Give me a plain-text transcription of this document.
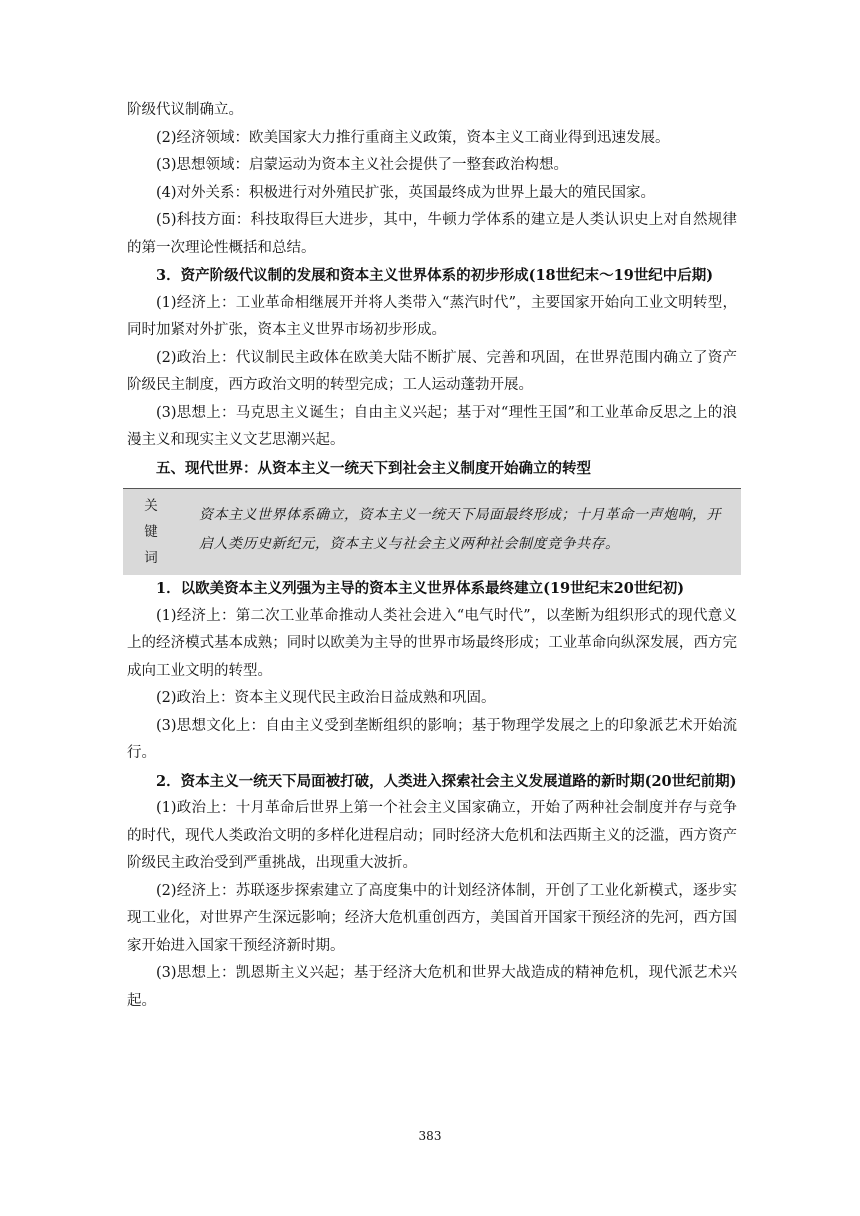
阶级代议制确立。

(2)经济领域：欧美国家大力推行重商主义政策，资本主义工商业得到迅速发展。

(3)思想领域：启蒙运动为资本主义社会提供了一整套政治构想。

(4)对外关系：积极进行对外殖民扩张，英国最终成为世界上最大的殖民国家。

(5)科技方面：科技取得巨大进步，其中，牛顿力学体系的建立是人类认识史上对自然规律的第一次理论性概括和总结。

3．资产阶级代议制的发展和资本主义世界体系的初步形成(18世纪末～19世纪中后期)

(1)经济上：工业革命相继展开并将人类带入“蒸汽时代”，主要国家开始向工业文明转型，同时加紧对外扩张，资本主义世界市场初步形成。

(2)政治上：代议制民主政体在欧美大陆不断扩展、完善和巩固，在世界范围内确立了资产阶级民主制度，西方政治文明的转型完成；工人运动蓬勃开展。

(3)思想上：马克思主义诞生；自由主义兴起；基于对“理性王国”和工业革命反思之上的浪漫主义和现实主义文艺思潮兴起。

五、现代世界：从资本主义一统天下到社会主义制度开始确立的转型

关
键
词
资本主义世界体系确立，资本主义一统天下局面最终形成；十月革命一声炮响，开启人类历史新纪元，资本主义与社会主义两种社会制度竞争共存。

1．以欧美资本主义列强为主导的资本主义世界体系最终建立(19世纪末20世纪初)

(1)经济上：第二次工业革命推动人类社会进入“电气时代”，以垄断为组织形式的现代意义上的经济模式基本成熟；同时以欧美为主导的世界市场最终形成；工业革命向纵深发展，西方完成向工业文明的转型。

(2)政治上：资本主义现代民主政治日益成熟和巩固。

(3)思想文化上：自由主义受到垄断组织的影响；基于物理学发展之上的印象派艺术开始流行。

2．资本主义一统天下局面被打破，人类进入探索社会主义发展道路的新时期(20世纪前期)

(1)政治上：十月革命后世界上第一个社会主义国家确立，开始了两种社会制度并存与竞争的时代，现代人类政治文明的多样化进程启动；同时经济大危机和法西斯主义的泛滥，西方资产阶级民主政治受到严重挑战，出现重大波折。

(2)经济上：苏联逐步探索建立了高度集中的计划经济体制，开创了工业化新模式，逐步实现工业化，对世界产生深远影响；经济大危机重创西方，美国首开国家干预经济的先河，西方国家开始进入国家干预经济新时期。

(3)思想上：凯恩斯主义兴起；基于经济大危机和世界大战造成的精神危机，现代派艺术兴起。

383
